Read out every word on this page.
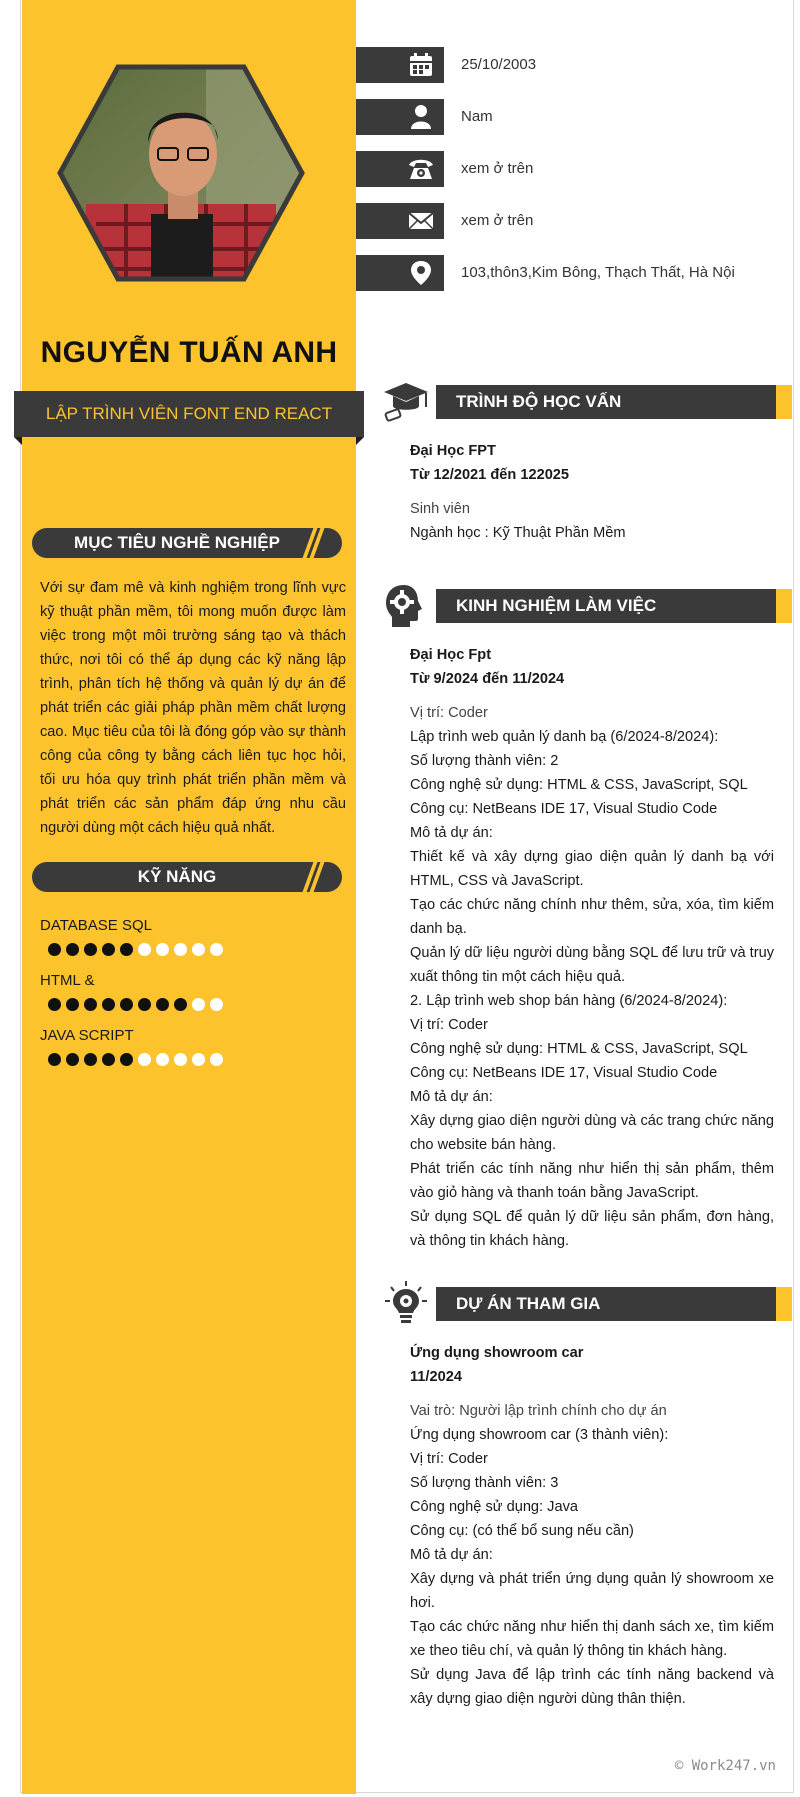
NGUYỄN TUẤN ANH
LẬP TRÌNH VIÊN FONT END REACT NATIVE
25/10/2003
Nam
xem ở trên
xem ở trên
103,thôn3,Kim Bông, Thạch Thất, Hà Nội
MỤC TIÊU NGHỀ NGHIỆP
Với sự đam mê và kinh nghiệm trong lĩnh vực kỹ thuật phần mềm, tôi mong muốn được làm việc trong một môi trường sáng tạo và thách thức, nơi tôi có thể áp dụng các kỹ năng lập trình, phân tích hệ thống và quản lý dự án để phát triển các giải pháp phần mềm chất lượng cao. Mục tiêu của tôi là đóng góp vào sự thành công của công ty bằng cách liên tục học hỏi, tối ưu hóa quy trình phát triển phần mềm và phát triển các sản phẩm đáp ứng nhu cầu người dùng một cách hiệu quả nhất.
KỸ NĂNG
DATABASE SQL
HTML &
JAVA SCRIPT
TRÌNH ĐỘ HỌC VẤN
Đại Học FPT
Từ 12/2021 đến 122025
Sinh viên

Ngành học : Kỹ Thuật Phần Mềm

KINH NGHIỆM LÀM VIỆC
Đại Học Fpt
Từ 9/2024 đến 11/2024
Vị trí: Coder

Lập trình web quản lý danh bạ (6/2024-8/2024):

Số lượng thành viên: 2

Công nghệ sử dụng: HTML & CSS, JavaScript, SQL

Công cụ: NetBeans IDE 17, Visual Studio Code

Mô tả dự án:

Thiết kế và xây dựng giao diện quản lý danh bạ với HTML, CSS và JavaScript.

Tạo các chức năng chính như thêm, sửa, xóa, tìm kiếm danh bạ.

Quản lý dữ liệu người dùng bằng SQL để lưu trữ và truy xuất thông tin một cách hiệu quả.

2. Lập trình web shop bán hàng (6/2024-8/2024):

Vị trí: Coder

Công nghệ sử dụng: HTML & CSS, JavaScript, SQL

Công cụ: NetBeans IDE 17, Visual Studio Code

Mô tả dự án:

Xây dựng giao diện người dùng và các trang chức năng cho website bán hàng.

Phát triển các tính năng như hiển thị sản phẩm, thêm vào giỏ hàng và thanh toán bằng JavaScript.

Sử dụng SQL để quản lý dữ liệu sản phẩm, đơn hàng, và thông tin khách hàng.

DỰ ÁN THAM GIA
Ứng dụng showroom car
11/2024
Vai trò: Người lập trình chính cho dự án

Ứng dụng showroom car (3 thành viên):

Vị trí: Coder

Số lượng thành viên: 3

Công nghệ sử dụng: Java

Công cụ: (có thể bổ sung nếu cần)

Mô tả dự án:

Xây dựng và phát triển ứng dụng quản lý showroom xe hơi.

Tạo các chức năng như hiển thị danh sách xe, tìm kiếm xe theo tiêu chí, và quản lý thông tin khách hàng.

Sử dụng Java để lập trình các tính năng backend và xây dựng giao diện người dùng thân thiện.

© Work247.vn
